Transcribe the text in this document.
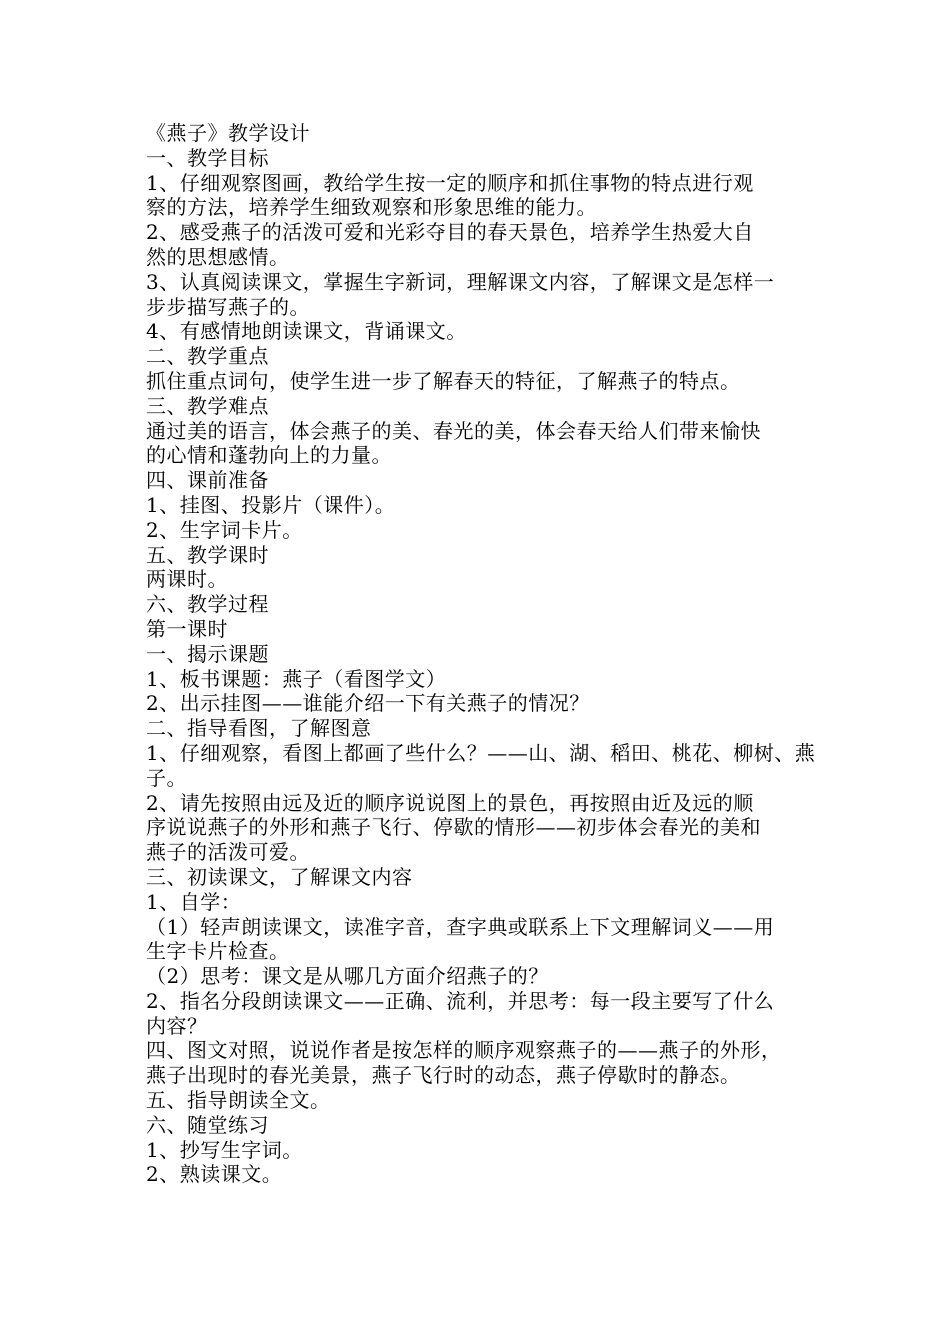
《燕子》教学设计
一、教学目标
1、仔细观察图画，教给学生按一定的顺序和抓住事物的特点进行观
察的方法，培养学生细致观察和形象思维的能力。
2、感受燕子的活泼可爱和光彩夺目的春天景色，培养学生热爱大自
然的思想感情。
3、认真阅读课文，掌握生字新词，理解课文内容，了解课文是怎样一
步步描写燕子的。
4、有感情地朗读课文，背诵课文。
二、教学重点
抓住重点词句，使学生进一步了解春天的特征，了解燕子的特点。
三、教学难点
通过美的语言，体会燕子的美、春光的美，体会春天给人们带来愉快
的心情和蓬勃向上的力量。
四、课前准备
1、挂图、投影片（课件）。
2、生字词卡片。
五、教学课时
两课时。
六、教学过程
第一课时
一、揭示课题
1、板书课题：燕子（看图学文）
2、出示挂图——谁能介绍一下有关燕子的情况？
二、指导看图，了解图意
1、仔细观察，看图上都画了些什么？——山、湖、稻田、桃花、柳树、燕
子。
2、请先按照由远及近的顺序说说图上的景色，再按照由近及远的顺
序说说燕子的外形和燕子飞行、停歇的情形——初步体会春光的美和
燕子的活泼可爱。
三、初读课文，了解课文内容
1、自学：
（1）轻声朗读课文，读准字音，查字典或联系上下文理解词义——用
生字卡片检查。
（2）思考：课文是从哪几方面介绍燕子的？
2、指名分段朗读课文——正确、流利，并思考：每一段主要写了什么
内容？
四、图文对照，说说作者是按怎样的顺序观察燕子的——燕子的外形，
燕子出现时的春光美景，燕子飞行时的动态，燕子停歇时的静态。
五、指导朗读全文。
六、随堂练习
1、抄写生字词。
2、熟读课文。
